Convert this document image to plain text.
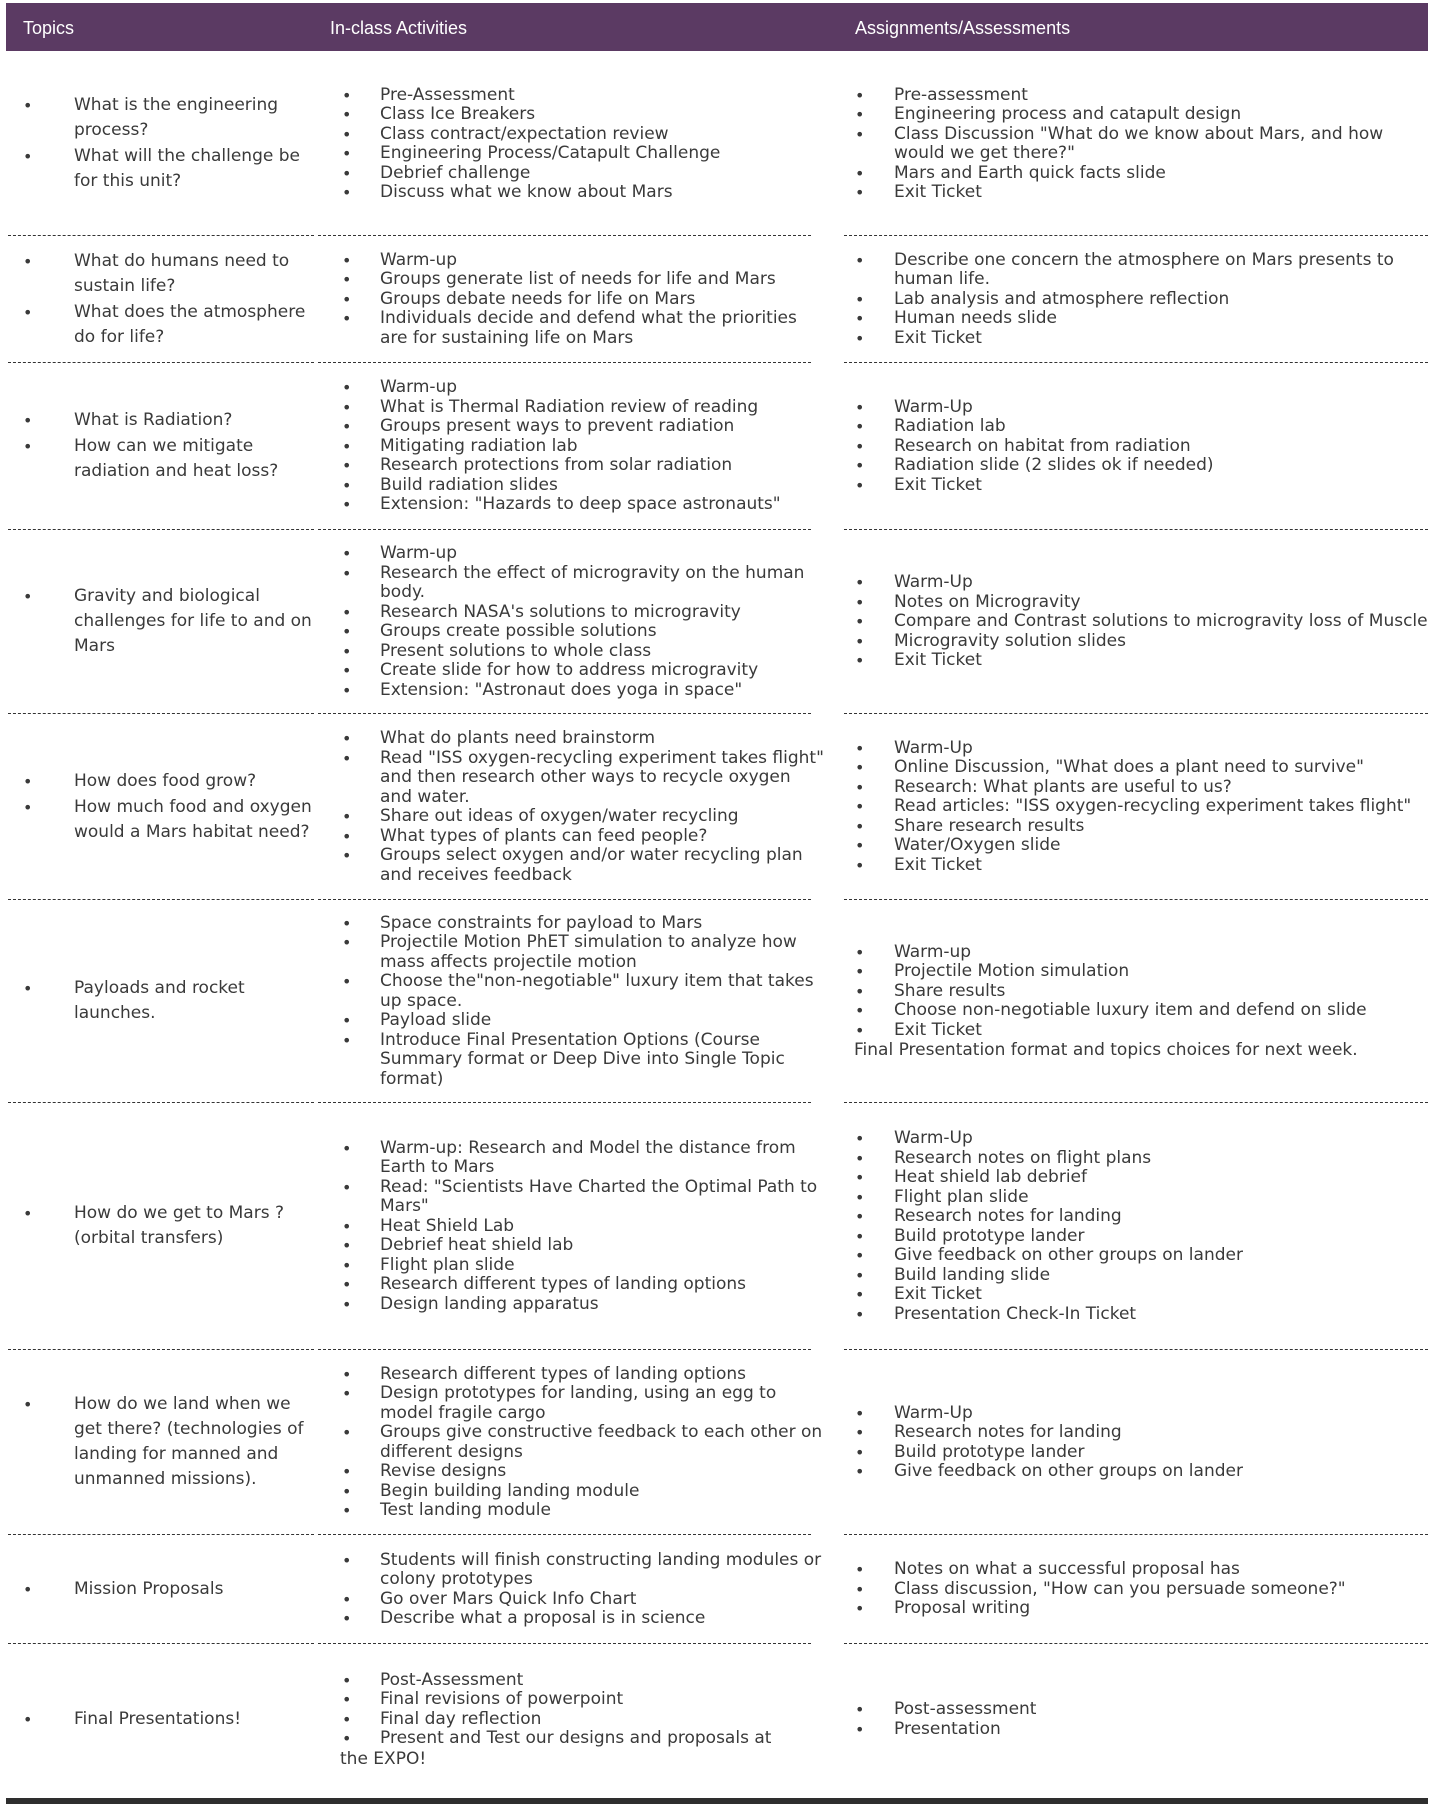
Topics	In-class Activities	Assignments/Assessments
• What is the engineering process?
• What will the challenge be for this unit?
• Pre-Assessment
• Class Ice Breakers
• Class contract/expectation review
• Engineering Process/Catapult Challenge
• Debrief challenge
• Discuss what we know about Mars
• Pre-assessment
• Engineering process and catapult design
• Class Discussion "What do we know about Mars, and how would we get there?"
• Mars and Earth quick facts slide
• Exit Ticket
• What do humans need to sustain life?
• What does the atmosphere do for life?
• Warm-up
• Groups generate list of needs for life and Mars
• Groups debate needs for life on Mars
• Individuals decide and defend what the priorities are for sustaining life on Mars
• Describe one concern the atmosphere on Mars presents to human life.
• Lab analysis and atmosphere reflection
• Human needs slide
• Exit Ticket
• What is Radiation?
• How can we mitigate radiation and heat loss?
• Warm-up
• What is Thermal Radiation review of reading
• Groups present ways to prevent radiation
• Mitigating radiation lab
• Research protections from solar radiation
• Build radiation slides
• Extension: "Hazards to deep space astronauts"
• Warm-Up
• Radiation lab
• Research on habitat from radiation
• Radiation slide (2 slides ok if needed)
• Exit Ticket
• Gravity and biological challenges for life to and on Mars
• Warm-up
• Research the effect of microgravity on the human body.
• Research NASA's solutions to microgravity
• Groups create possible solutions
• Present solutions to whole class
• Create slide for how to address microgravity
• Extension: "Astronaut does yoga in space"
• Warm-Up
• Notes on Microgravity
• Compare and Contrast solutions to microgravity loss of Muscle
• Microgravity solution slides
• Exit Ticket
• How does food grow?
• How much food and oxygen would a Mars habitat need?
• What do plants need brainstorm
• Read "ISS oxygen-recycling experiment takes flight" and then research other ways to recycle oxygen and water.
• Share out ideas of oxygen/water recycling
• What types of plants can feed people?
• Groups select oxygen and/or water recycling plan and receives feedback
• Warm-Up
• Online Discussion, "What does a plant need to survive"
• Research: What plants are useful to us?
• Read articles: "ISS oxygen-recycling experiment takes flight"
• Share research results
• Water/Oxygen slide
• Exit Ticket
• Payloads and rocket launches.
• Space constraints for payload to Mars
• Projectile Motion PhET simulation to analyze how mass affects projectile motion
• Choose the"non-negotiable" luxury item that takes up space.
• Payload slide
• Introduce Final Presentation Options (Course Summary format or Deep Dive into Single Topic format)
• Warm-up
• Projectile Motion simulation
• Share results
• Choose non-negotiable luxury item and defend on slide
• Exit Ticket
Final Presentation format and topics choices for next week.
• How do we get to Mars ? (orbital transfers)
• Warm-up: Research and Model the distance from Earth to Mars
• Read: "Scientists Have Charted the Optimal Path to Mars"
• Heat Shield Lab
• Debrief heat shield lab
• Flight plan slide
• Research different types of landing options
• Design landing apparatus
• Warm-Up
• Research notes on flight plans
• Heat shield lab debrief
• Flight plan slide
• Research notes for landing
• Build prototype lander
• Give feedback on other groups on lander
• Build landing slide
• Exit Ticket
• Presentation Check-In Ticket
• How do we land when we get there? (technologies of landing for manned and unmanned missions).
• Research different types of landing options
• Design prototypes for landing, using an egg to model fragile cargo
• Groups give constructive feedback to each other on different designs
• Revise designs
• Begin building landing module
• Test landing module
• Warm-Up
• Research notes for landing
• Build prototype lander
• Give feedback on other groups on lander
• Mission Proposals
• Students will finish constructing landing modules or colony prototypes
• Go over Mars Quick Info Chart
• Describe what a proposal is in science
• Notes on what a successful proposal has
• Class discussion, "How can you persuade someone?"
• Proposal writing
• Final Presentations!
• Post-Assessment
• Final revisions of powerpoint
• Final day reflection
• Present and Test our designs and proposals at
the EXPO!
• Post-assessment
• Presentation
